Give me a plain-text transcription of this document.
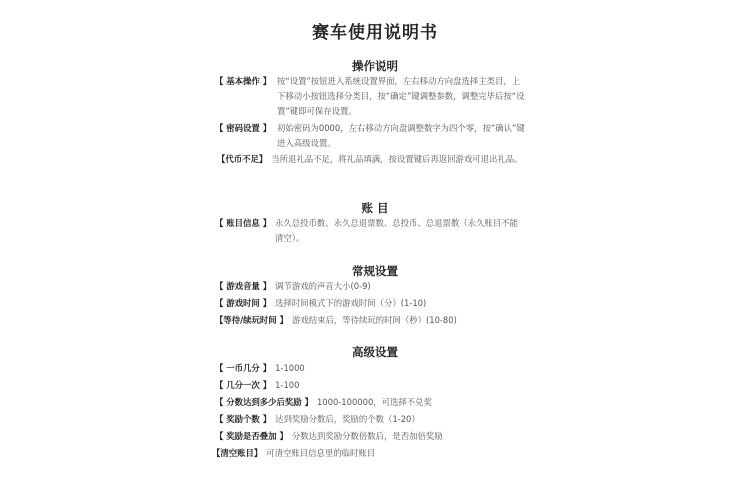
赛车使用说明书
操作说明
【 基本操作 】 按“设置”按钮进入系统设置界面，左右移动方向盘选择主类目，上下移动小按钮选择分类目，按“确定”键调整参数，调整完毕后按“设置”键即可保存设置。
【 密码设置 】 初始密码为0000，左右移动方向盘调整数字为四个零，按“确认”键进入高级设置。
【代币不足】 当所退礼品不足，将礼品填满，按设置键后再返回游戏可退出礼品。
账 目
【 账目信息 】 永久总投币数、永久总退票数、总投币、总退票数（永久账目不能清空）。
常规设置
【 游戏音量 】 调节游戏的声音大小(0-9)
【 游戏时间 】 选择时间模式下的游戏时间（分）(1-10)
【等待/续玩时间 】 游戏结束后，等待续玩的时间（秒）(10-80)
高级设置
【 一币几分 】 1-1000
【 几分一次 】 1-100
【 分数达到多少后奖励 】 1000-100000，可选择不兑奖
【 奖励个数 】 达到奖励分数后，奖励的个数（1-20）
【 奖励是否叠加 】 分数达到奖励分数倍数后，是否加倍奖励
【清空账目】 可清空账目信息里的临时账目
